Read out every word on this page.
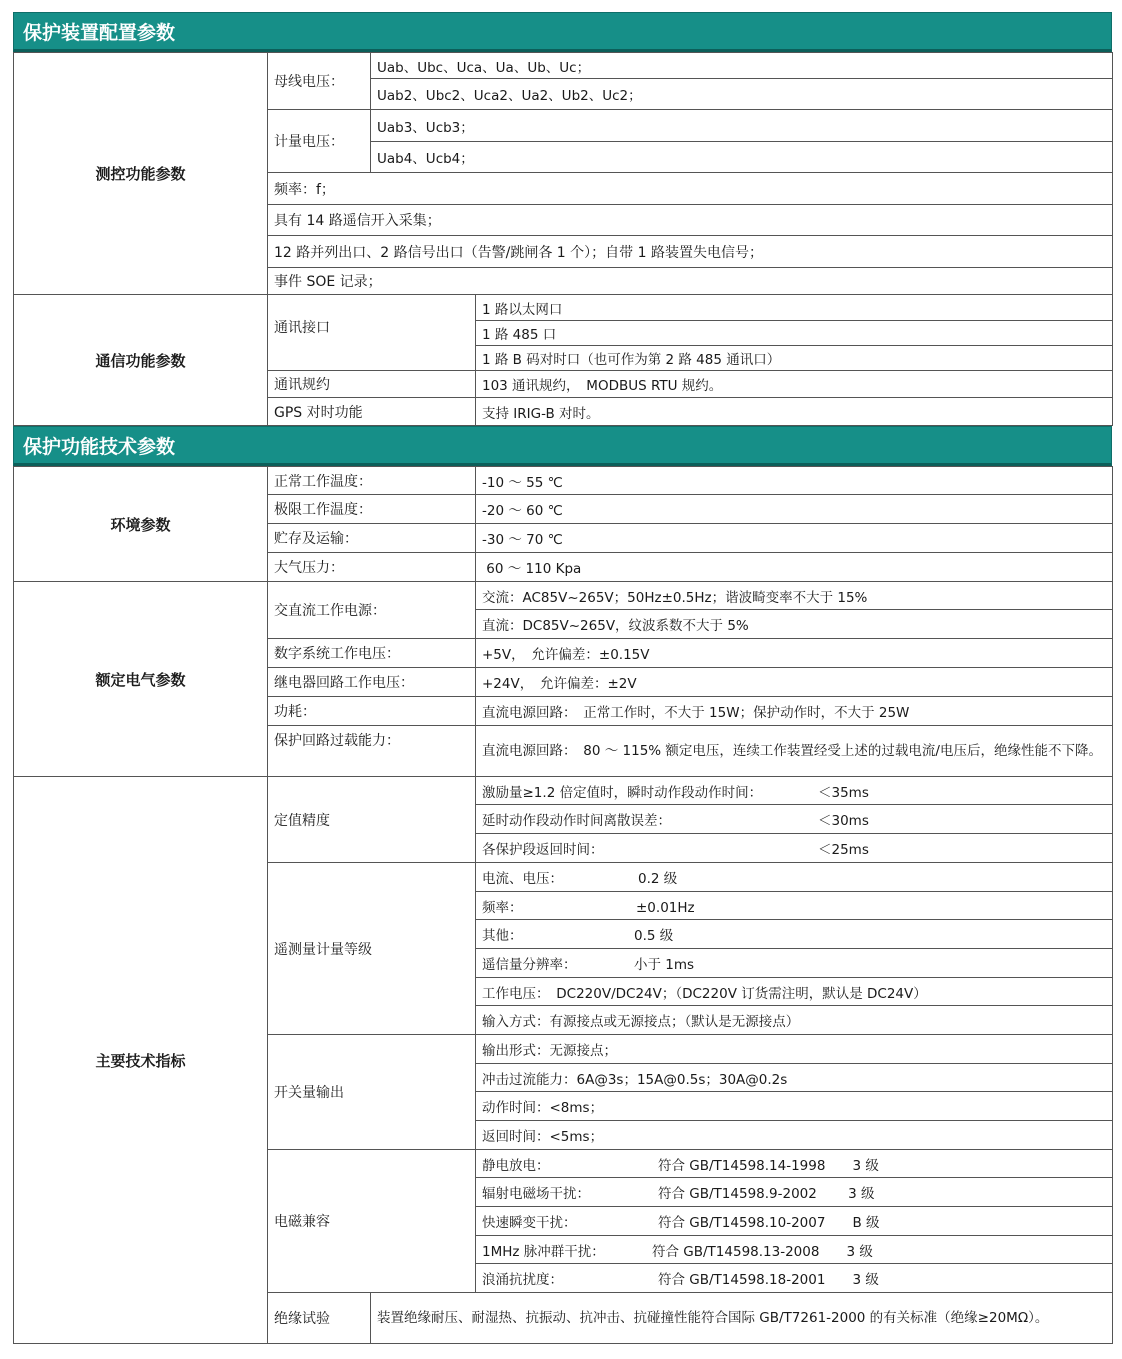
保护装置配置参数
测控功能参数	母线电压：	Uab、Ubc、Uca、Ua、Ub、Uc；	
		Uab2、Ubc2、Uca2、Ua2、Ub2、Uc2；	
	计量电压：	Uab3、Ucb3；	
		Uab4、Ucb4；	
	频率：f；		
	具有 14 路遥信开入采集；		
	12 路并列出口、2 路信号出口（告警/跳闸各 1 个）；自带 1 路装置失电信号；		
	事件 SOE 记录；		
通信功能参数	通讯接口		1 路以太网口
			1 路 485 口
			1 路 B 码对时口（也可作为第 2 路 485 通讯口）
	通讯规约		103 通讯规约，　MODBUS RTU 规约。
	GPS 对时功能		支持 IRIG-B 对时。
保护功能技术参数
环境参数	正常工作温度：		-10 ～ 55 ℃
	极限工作温度：		-20 ～ 60 ℃
	贮存及运输：		-30 ～ 70 ℃
	大气压力：		60 ～ 110 Kpa
额定电气参数	交直流工作电源：		交流：AC85V~265V；50Hz±0.5Hz；谐波畸变率不大于 15%
			直流：DC85V~265V，纹波系数不大于 5%
	数字系统工作电压：		+5V，　允许偏差：±0.15V
	继电器回路工作电压：		+24V，　允许偏差：±2V
	功耗：		直流电源回路：　正常工作时，不大于 15W；保护动作时，不大于 25W
	保护回路过载能力：		直流电源回路：　80 ～ 115% 额定电压，连续工作装置经受上述的过载电流/电压后，绝缘性能不下降。

主要技术指标	定值精度		激励量≥1.2 倍定值时，瞬时动作段动作时间： ＜35ms
			延时动作段动作时间离散误差： ＜30ms
			各保护段返回时间： ＜25ms
	遥测量计量等级		电流、电压： 0.2 级
			频率： ±0.01Hz
			其他： 0.5 级
			遥信量分辨率： 小于 1ms
			工作电压：　DC220V/DC24V；（DC220V 订货需注明，默认是 DC24V）
			输入方式：有源接点或无源接点；（默认是无源接点）
	开关量输出		输出形式：无源接点；
			冲击过流能力：6A@3s；15A@0.5s；30A@0.2s
			动作时间：<8ms；
			返回时间：<5ms；
	电磁兼容		静电放电： 符合 GB/T14598.14-1998　　3 级
			辐射电磁场干扰： 符合 GB/T14598.9-2002　　 3 级
			快速瞬变干扰： 符合 GB/T14598.10-2007　　B 级
			1MHz 脉冲群干扰： 符合 GB/T14598.13-2008　　3 级
			浪涌抗扰度： 符合 GB/T14598.18-2001　　3 级
	绝缘试验	装置绝缘耐压、耐湿热、抗振动、抗冲击、抗碰撞性能符合国际 GB/T7261-2000 的有关标准（绝缘≥20MΩ）。	
